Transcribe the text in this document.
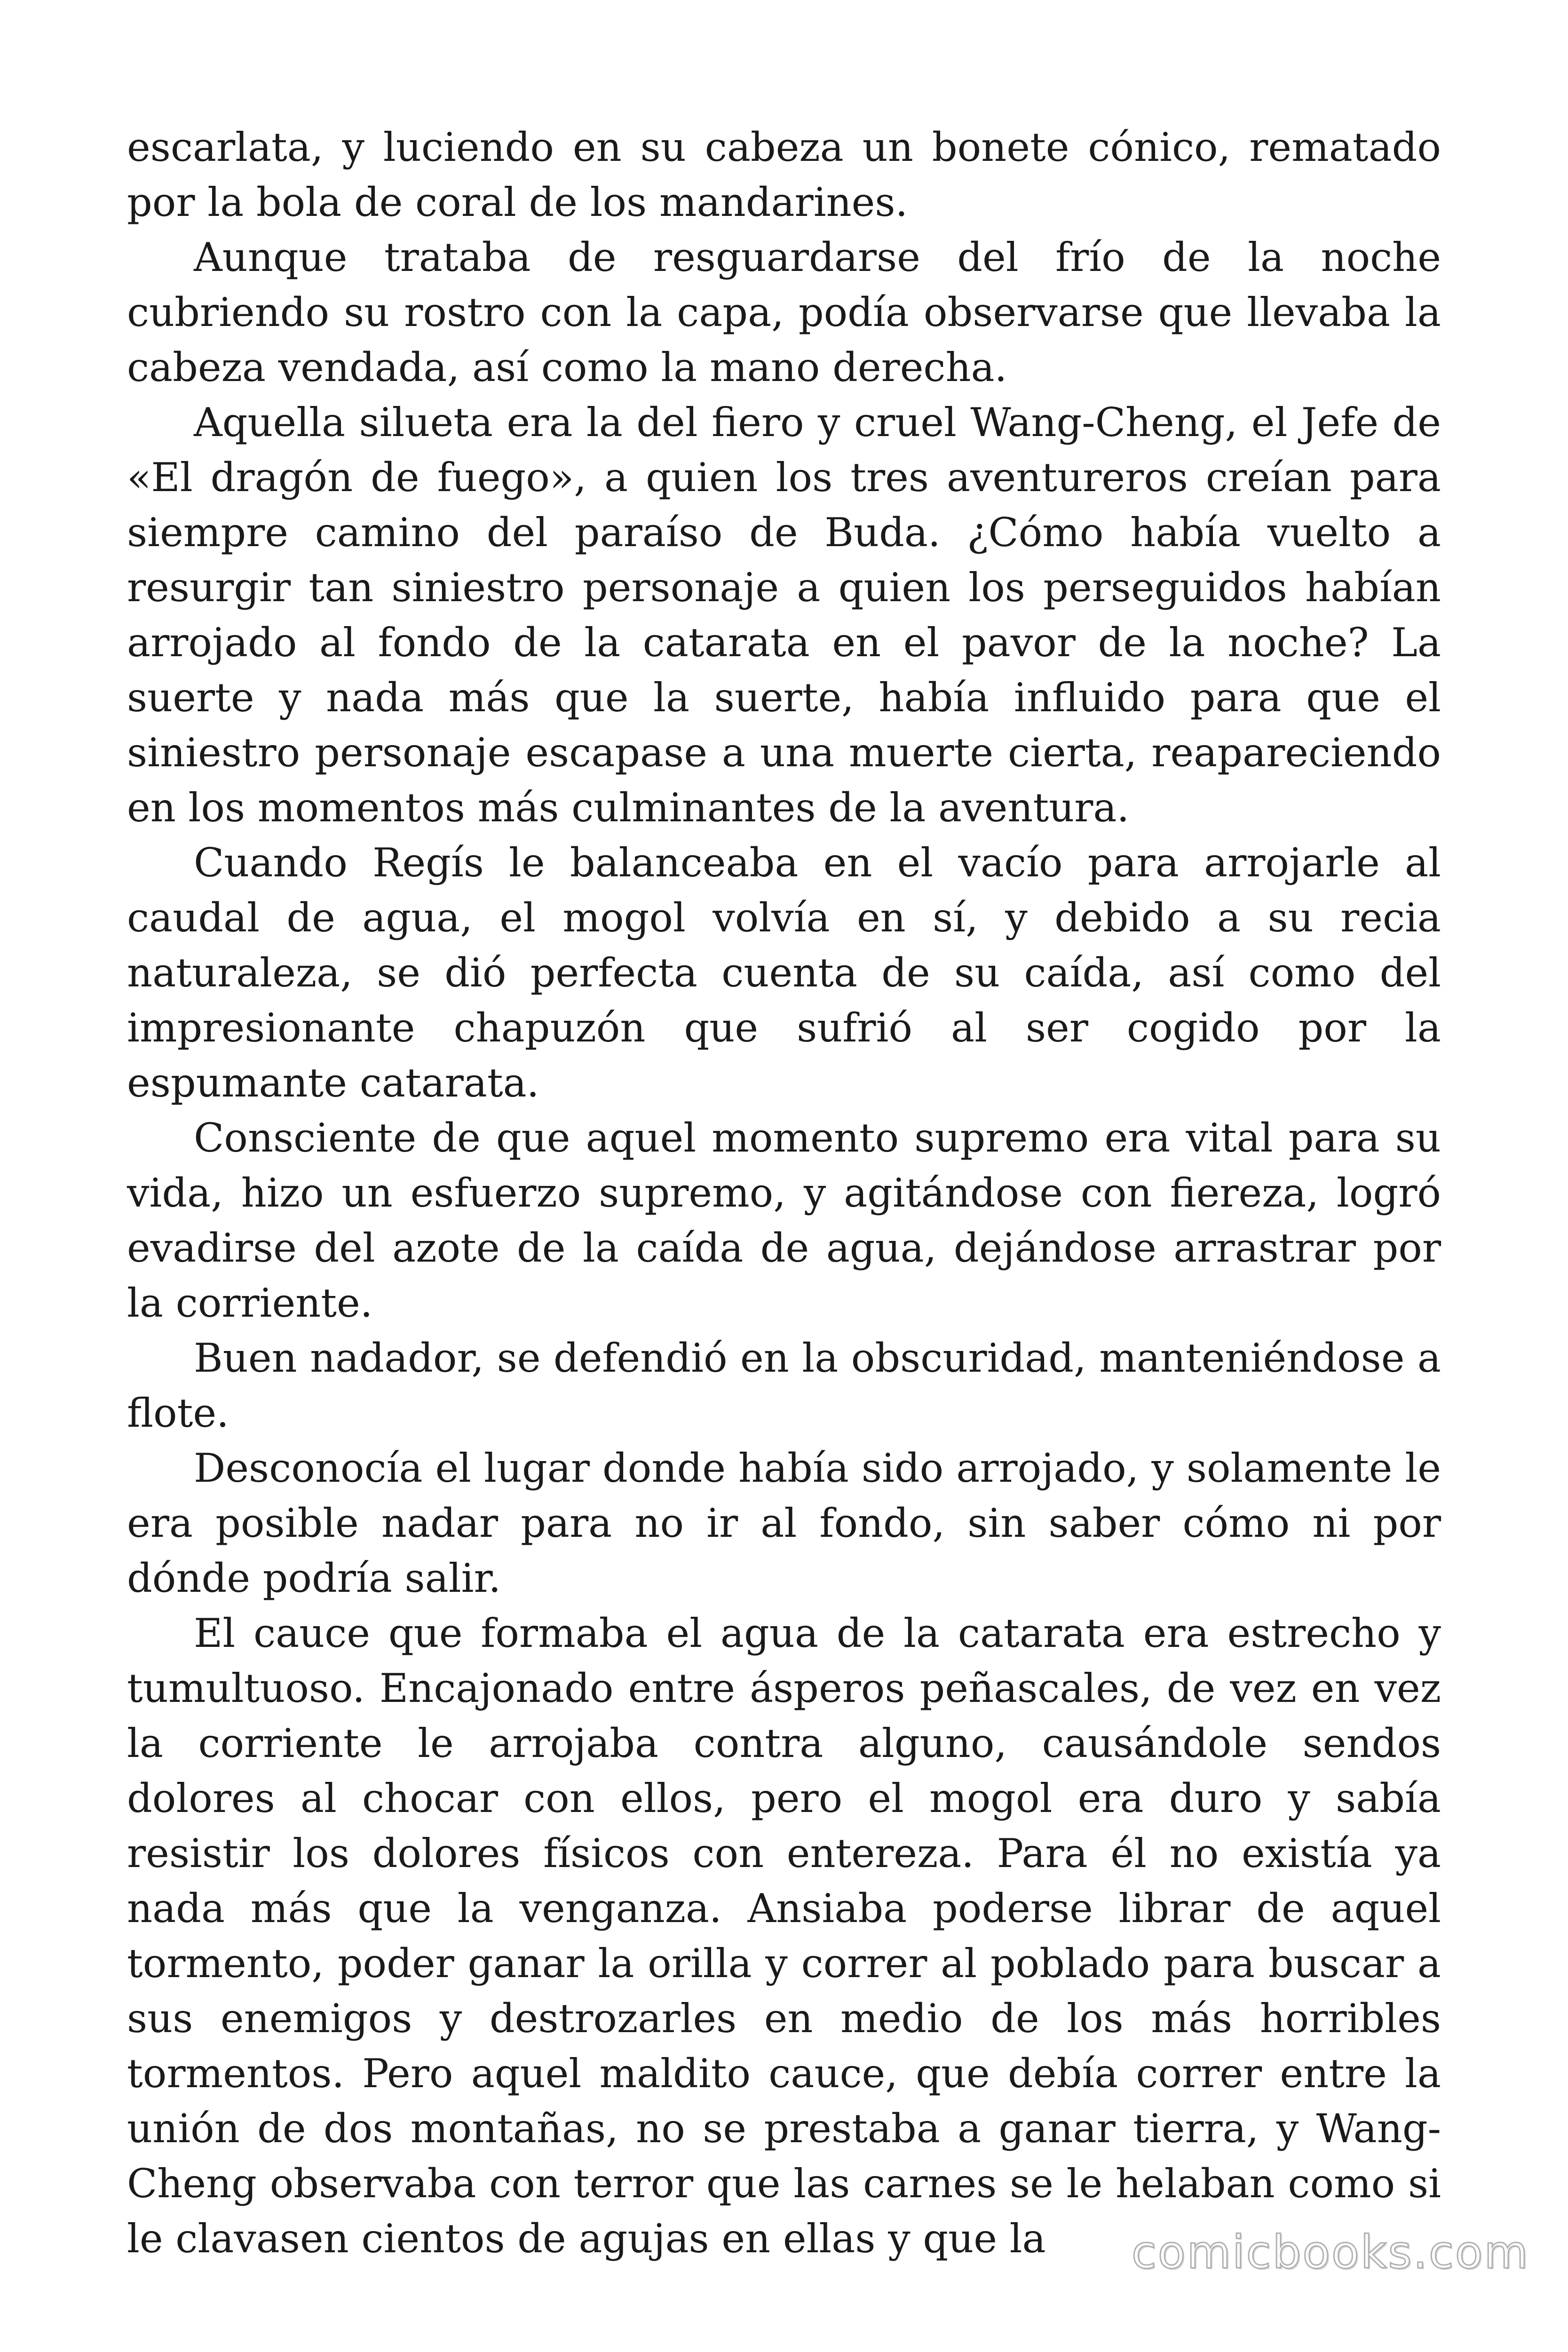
escarlata, y luciendo en su cabeza un bonete cónico, rematado por la bola de coral de los mandarines.

Aunque trataba de resguardarse del frío de la noche cubriendo su rostro con la capa, podía observarse que llevaba la cabeza vendada, así como la mano derecha.

Aquella silueta era la del fiero y cruel Wang-Cheng, el Jefe de «El dragón de fuego», a quien los tres aventureros creían para siempre camino del paraíso de Buda. ¿Cómo había vuelto a resurgir tan siniestro personaje a quien los perseguidos habían arrojado al fondo de la catarata en el pavor de la noche? La suerte y nada más que la suerte, había influido para que el siniestro personaje escapase a una muerte cierta, reapareciendo en los momentos más culminantes de la aventura.

Cuando Regís le balanceaba en el vacío para arrojarle al caudal de agua, el mogol volvía en sí, y debido a su recia naturaleza, se dió perfecta cuenta de su caída, así como del impresionante chapuzón que sufrió al ser cogido por la espumante catarata.

Consciente de que aquel momento supremo era vital para su vida, hizo un esfuerzo supremo, y agitándose con fiereza, logró evadirse del azote de la caída de agua, dejándose arrastrar por la corriente.

Buen nadador, se defendió en la obscuridad, manteniéndose a flote.

Desconocía el lugar donde había sido arrojado, y solamente le era posible nadar para no ir al fondo, sin saber cómo ni por dónde podría salir.

El cauce que formaba el agua de la catarata era estrecho y tumultuoso. Encajonado entre ásperos peñascales, de vez en vez la corriente le arrojaba contra alguno, causándole sendos dolores al chocar con ellos, pero el mogol era duro y sabía resistir los dolores físicos con entereza. Para él no existía ya nada más que la venganza. Ansiaba poderse librar de aquel tormento, poder ganar la orilla y correr al poblado para buscar a sus enemigos y destrozarles en medio de los más horribles tormentos. Pero aquel maldito cauce, que debía correr entre la unión de dos montañas, no se prestaba a ganar tierra, y Wang-Cheng observaba con terror que las carnes se le helaban como si le clavasen cientos de agujas en ellas y que la	comicbooks.com
